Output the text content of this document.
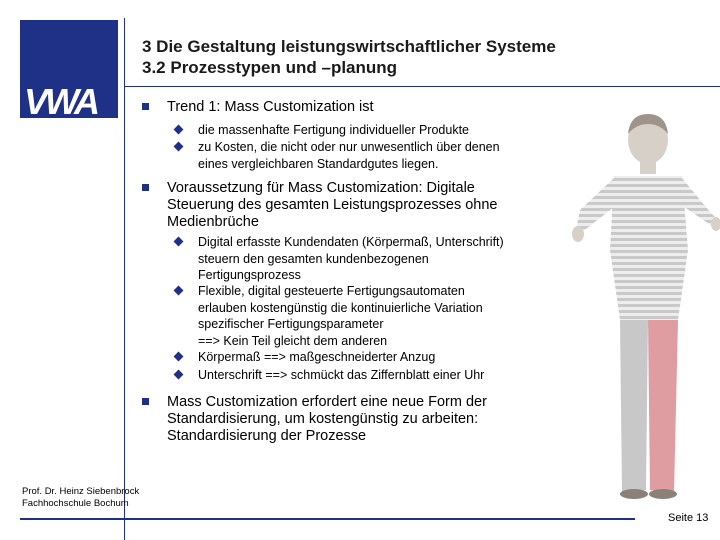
VWA
3 Die Gestaltung leistungswirtschaftlicher Systeme
3.2 Prozesstypen und –planung
Trend 1: Mass Customization ist
die massenhafte Fertigung individueller Produkte
zu Kosten, die nicht oder nur unwesentlich über denen
eines vergleichbaren Standardgutes liegen.
Voraussetzung für Mass Customization: Digitale
Steuerung des gesamten Leistungsprozesses ohne
Medienbrüche
Digital erfasste Kundendaten (Körpermaß, Unterschrift)
steuern den gesamten kundenbezogenen
Fertigungsprozess
Flexible, digital gesteuerte Fertigungsautomaten
erlauben kostengünstig die kontinuierliche Variation
spezifischer Fertigungsparameter
==> Kein Teil gleicht dem anderen
Körpermaß ==> maßgeschneiderter Anzug
Unterschrift ==> schmückt das Ziffernblatt einer Uhr
Mass Customization erfordert eine neue Form der
Standardisierung, um kostengünstig zu arbeiten:
Standardisierung der Prozesse
Prof. Dr. Heinz Siebenbrock
Fachhochschule Bochum
Seite 13
